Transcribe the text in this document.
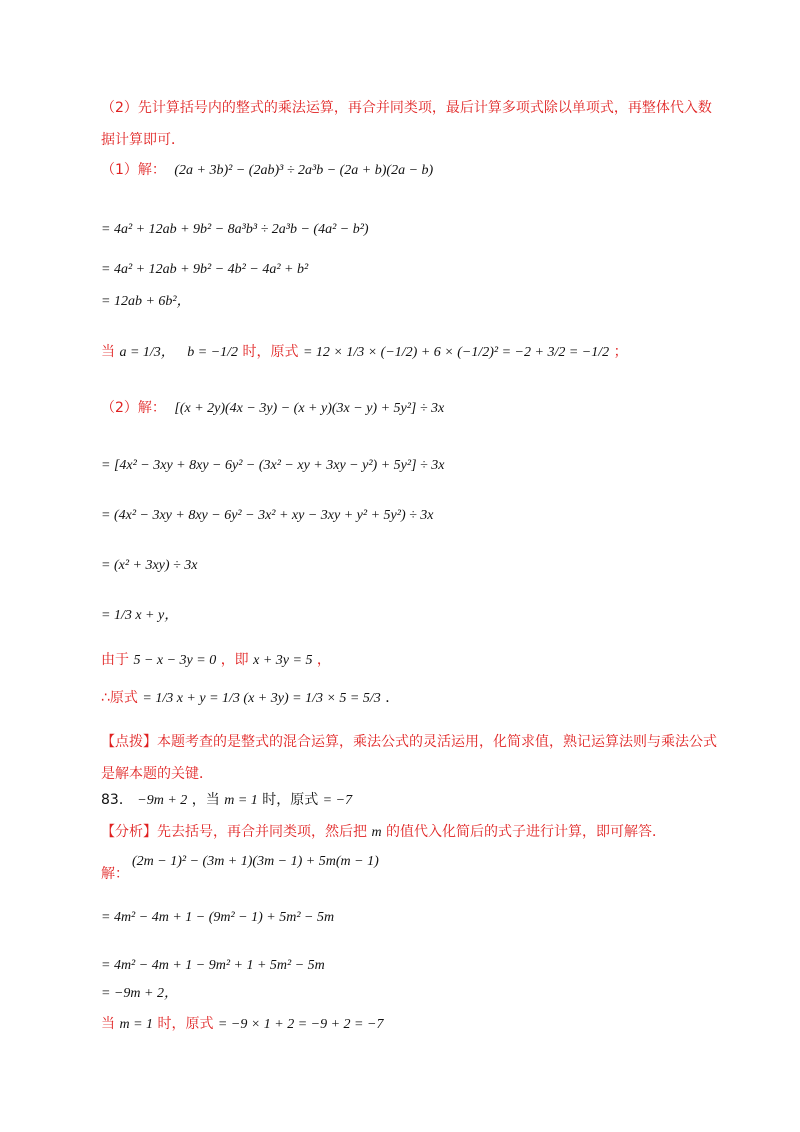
（2）先计算括号内的整式的乘法运算，再合并同类项，最后计算多项式除以单项式，再整体代入数
据计算即可．
（1）解： (2a + 3b)² − (2ab)³ ÷ 2a³b − (2a + b)(2a − b)
= 4a² + 12ab + 9b² − 8a³b³ ÷ 2a³b − (4a² − b²)
= 4a² + 12ab + 9b² − 4b² − 4a² + b²
= 12ab + 6b²，
当 a = 1/3， b = −1/2 时，原式 = 12 × 1/3 × (−1/2) + 6 × (−1/2)² = −2 + 3/2 = −1/2 ；
（2）解： [(x + 2y)(4x − 3y) − (x + y)(3x − y) + 5y²] ÷ 3x
= [4x² − 3xy + 8xy − 6y² − (3x² − xy + 3xy − y²) + 5y²] ÷ 3x
= (4x² − 3xy + 8xy − 6y² − 3x² + xy − 3xy + y² + 5y²) ÷ 3x
= (x² + 3xy) ÷ 3x
= 1/3 x + y，
由于 5 − x − 3y = 0 ，即 x + 3y = 5 ，
∴原式 = 1/3 x + y = 1/3 (x + 3y) = 1/3 × 5 = 5/3 ．
【点拨】本题考查的是整式的混合运算，乘法公式的灵活运用，化简求值，熟记运算法则与乘法公式
是解本题的关键．
83． −9m + 2 ，当 m = 1 时，原式 = −7
【分析】先去括号，再合并同类项，然后把 m 的值代入化简后的式子进行计算，即可解答．
解：
(2m − 1)² − (3m + 1)(3m − 1) + 5m(m − 1)
= 4m² − 4m + 1 − (9m² − 1) + 5m² − 5m
= 4m² − 4m + 1 − 9m² + 1 + 5m² − 5m
= −9m + 2，
当 m = 1 时，原式 = −9 × 1 + 2 = −9 + 2 = −7
